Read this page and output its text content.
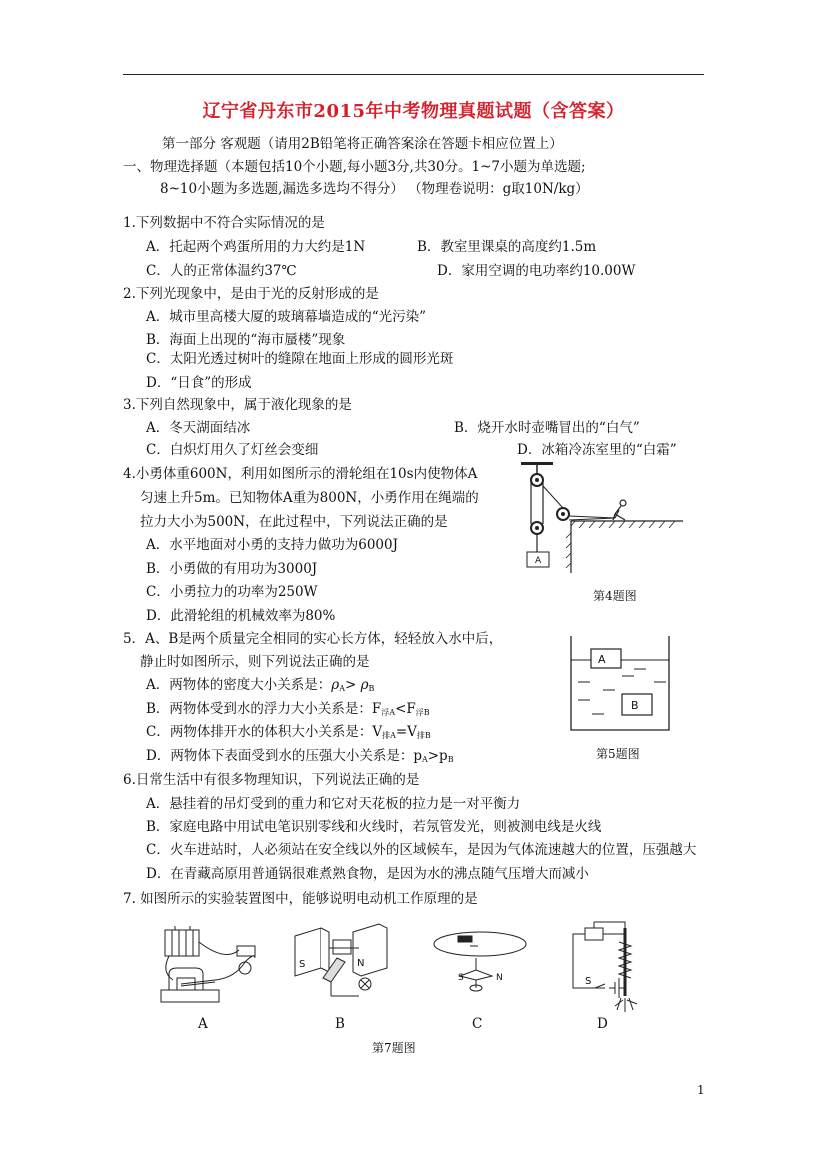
辽宁省丹东市2015年中考物理真题试题（含答案）
第一部分 客观题（请用2B铅笔将正确答案涂在答题卡相应位置上）
一、物理选择题（本题包括10个小题,每小题3分,共30分。1~7小题为单选题;
8~10小题为多选题,漏选多选均不得分） （物理卷说明：g取10N/kg）
1.下列数据中不符合实际情况的是
A．托起两个鸡蛋所用的力大约是1N	B．教室里课桌的高度约1.5m
C．人的正常体温约37℃	D．家用空调的电功率约10.00W
2.下列光现象中，是由于光的反射形成的是
A．城市里高楼大厦的玻璃幕墙造成的“光污染”
B．海面上出现的“海市蜃楼”现象
C．太阳光透过树叶的缝隙在地面上形成的圆形光斑
D．“日食”的形成
3.下列自然现象中，属于液化现象的是
A．冬天湖面结冰	B．烧开水时壶嘴冒出的“白气”
C．白炽灯用久了灯丝会变细	D．冰箱冷冻室里的“白霜”
4.小勇体重600N，利用如图所示的滑轮组在10s内使物体A
匀速上升5m。已知物体A重为800N，小勇作用在绳端的
拉力大小为500N，在此过程中，下列说法正确的是
A．水平地面对小勇的支持力做功为6000J
B．小勇做的有用功为3000J
C．小勇拉力的功率为250W
D．此滑轮组的机械效率为80%
A
第4题图
5．A、B是两个质量完全相同的实心长方体，轻轻放入水中后，
静止时如图所示，则下列说法正确的是
A．两物体的密度大小关系是：$\rho_A> \rho_B$
B．两物体受到水的浮力大小关系是：$F_{浮A}<F_{浮B}$
C．两物体排开水的体积大小关系是：$V_{排A}=V_{排B}$
D．两物体下表面受到水的压强大小关系是：$p_A>p_B$
A
B
第5题图
6.日常生活中有很多物理知识，下列说法正确的是
A．悬挂着的吊灯受到的重力和它对天花板的拉力是一对平衡力
B．家庭电路中用试电笔识别零线和火线时，若氖管发光，则被测电线是火线
C．火车进站时，人必须站在安全线以外的区域候车，是因为气体流速越大的位置，压强越大
D．在青藏高原用普通锅很难煮熟食物，是因为水的沸点随气压增大而减小
7. 如图所示的实验装置图中，能够说明电动机工作原理的是
S	N
S	N	S
A	B	C	D
第7题图
1
